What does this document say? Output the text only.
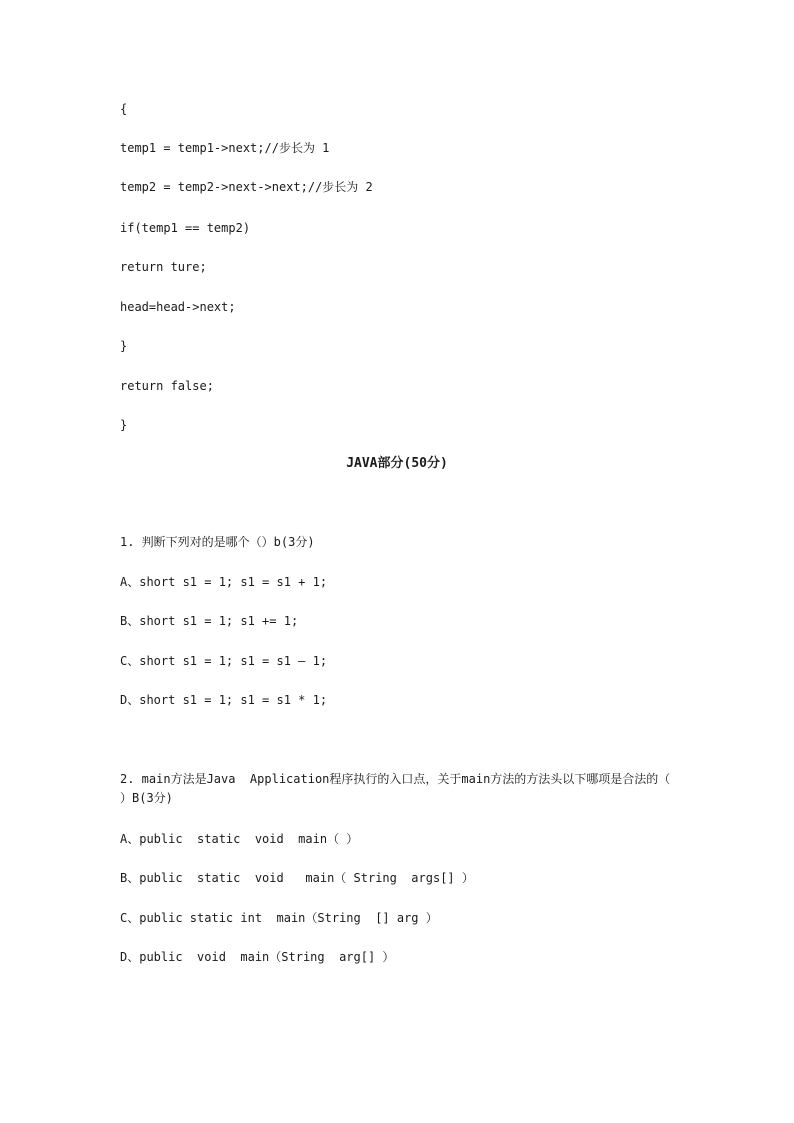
{
temp1 = temp1->next;//步长为 1
temp2 = temp2->next->next;//步长为 2
if(temp1 == temp2)
return ture;
head=head->next;
}
return false;
}
JAVA部分(50分)
1. 判断下列对的是哪个（）b(3分)
A、short s1 = 1; s1 = s1 + 1;
B、short s1 = 1; s1 += 1;
C、short s1 = 1; s1 = s1 – 1;
D、short s1 = 1; s1 = s1 * 1;
2. main方法是Java  Application程序执行的入口点，关于main方法的方法头以下哪项是合法的（     ）B(3分)
A、public  static  void  main（ ）
B、public  static  void   main（ String  args[] ）
C、public static int  main（String  [] arg ）
D、public  void  main（String  arg[] ）
